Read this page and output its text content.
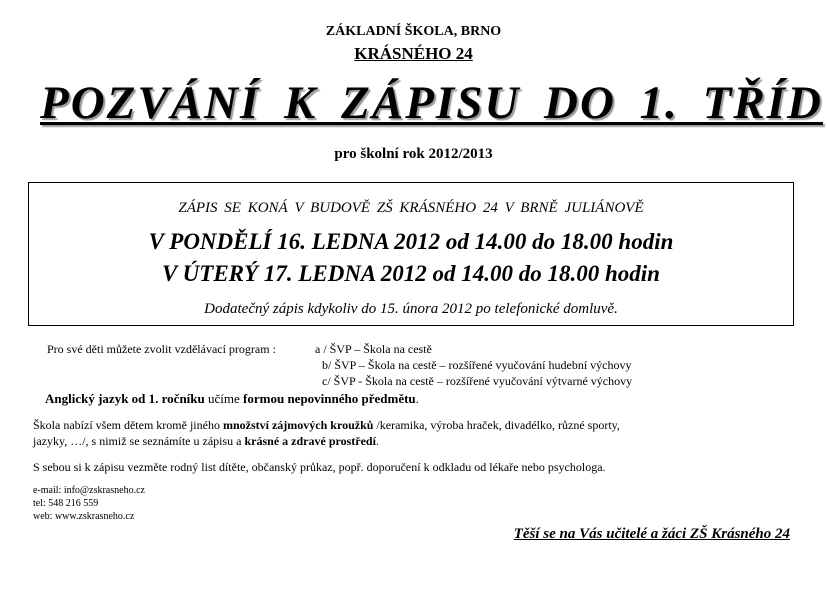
ZÁKLADNÍ ŠKOLA, BRNO
KRÁSNÉHO 24
POZVÁNÍ K ZÁPISU DO 1. TŘÍD
pro školní rok 2012/2013
ZÁPIS SE KONÁ V BUDOVĚ ZŠ KRÁSNÉHO 24 V BRNĚ JULIÁNOVĚ
V PONDĚLÍ 16. LEDNA 2012 od 14.00 do 18.00 hodin
V ÚTERÝ 17. LEDNA 2012 od 14.00 do 18.00 hodin
Dodatečný zápis kdykoliv do 15. února 2012 po telefonické domluvě.
Pro své děti můžete zvolit vzdělávací program :	a / ŠVP – Škola na cestě
b/ ŠVP – Škola na cestě – rozšířené vyučování hudební výchovy
c/ ŠVP - Škola na cestě – rozšířené vyučování výtvarné výchovy
Anglický jazyk od 1. ročníku učíme formou nepovinného předmětu.
Škola nabízí všem dětem kromě jiného množství zájmových kroužků /keramika, výroba hraček, divadélko, různé sporty,
jazyky, …/, s nimiž se seznámíte u zápisu a krásné a zdravé prostředí.
S sebou si k zápisu vezměte rodný list dítěte, občanský průkaz, popř. doporučení k odkladu od lékaře nebo psychologa.
e-mail: info@zskrasneho.cz
tel: 548 216 559
web: www.zskrasneho.cz
Těší se na Vás učitelé a žáci ZŠ Krásného 24
